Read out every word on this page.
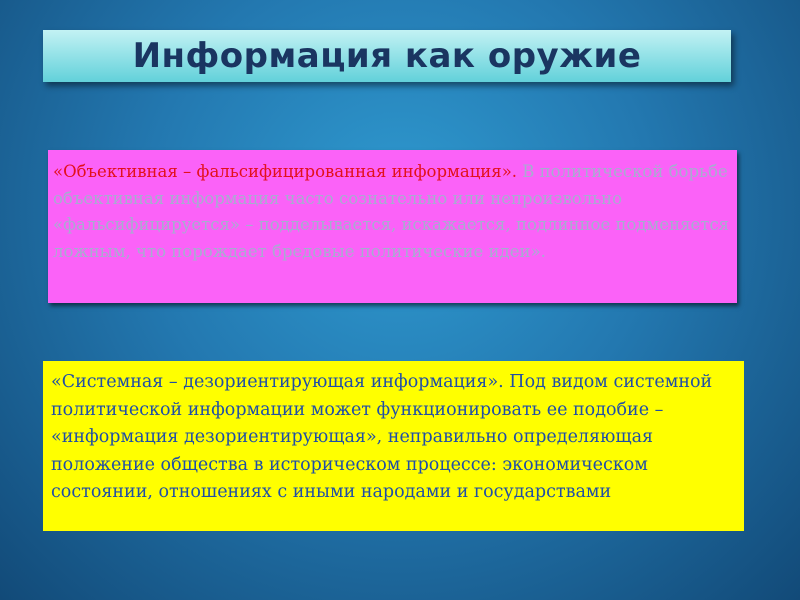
Информация как оружие
«Объективная – фальсифицированная информация». В политической борьбе объективная информация часто сознательно или непроизвольно «фальсифицируется» – подделывается, искажается, подлинное подменяется ложным, что порождает бредовые политические идеи».
«Системная – дезориентирующая информация». Под видом системной политической информации может функционировать ее подобие – «информация дезориентирующая», неправильно определяющая положение общества в историческом процессе: экономическом состоянии, отношениях с иными народами и государствами
